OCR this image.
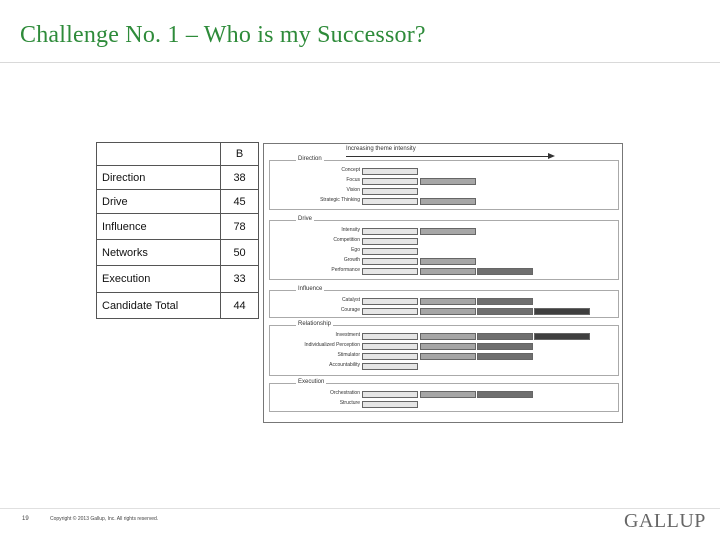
Challenge No. 1 – Who is my Successor?
	B
Direction	38
Drive	45
Influence	78
Networks	50
Execution	33
Candidate Total	44
Increasing theme intensity
Direction
Concept
Focus
Vision
Strategic Thinking
Drive
Intensity
Competition
Ego
Growth
Performance
Influence
Catalyst
Courage
Relationship
Investment
Individualized Perception
Stimulator
Accountability
Execution
Orchestration
Structure
19	Copyright © 2013 Gallup, Inc. All rights reserved.	GALLUP
